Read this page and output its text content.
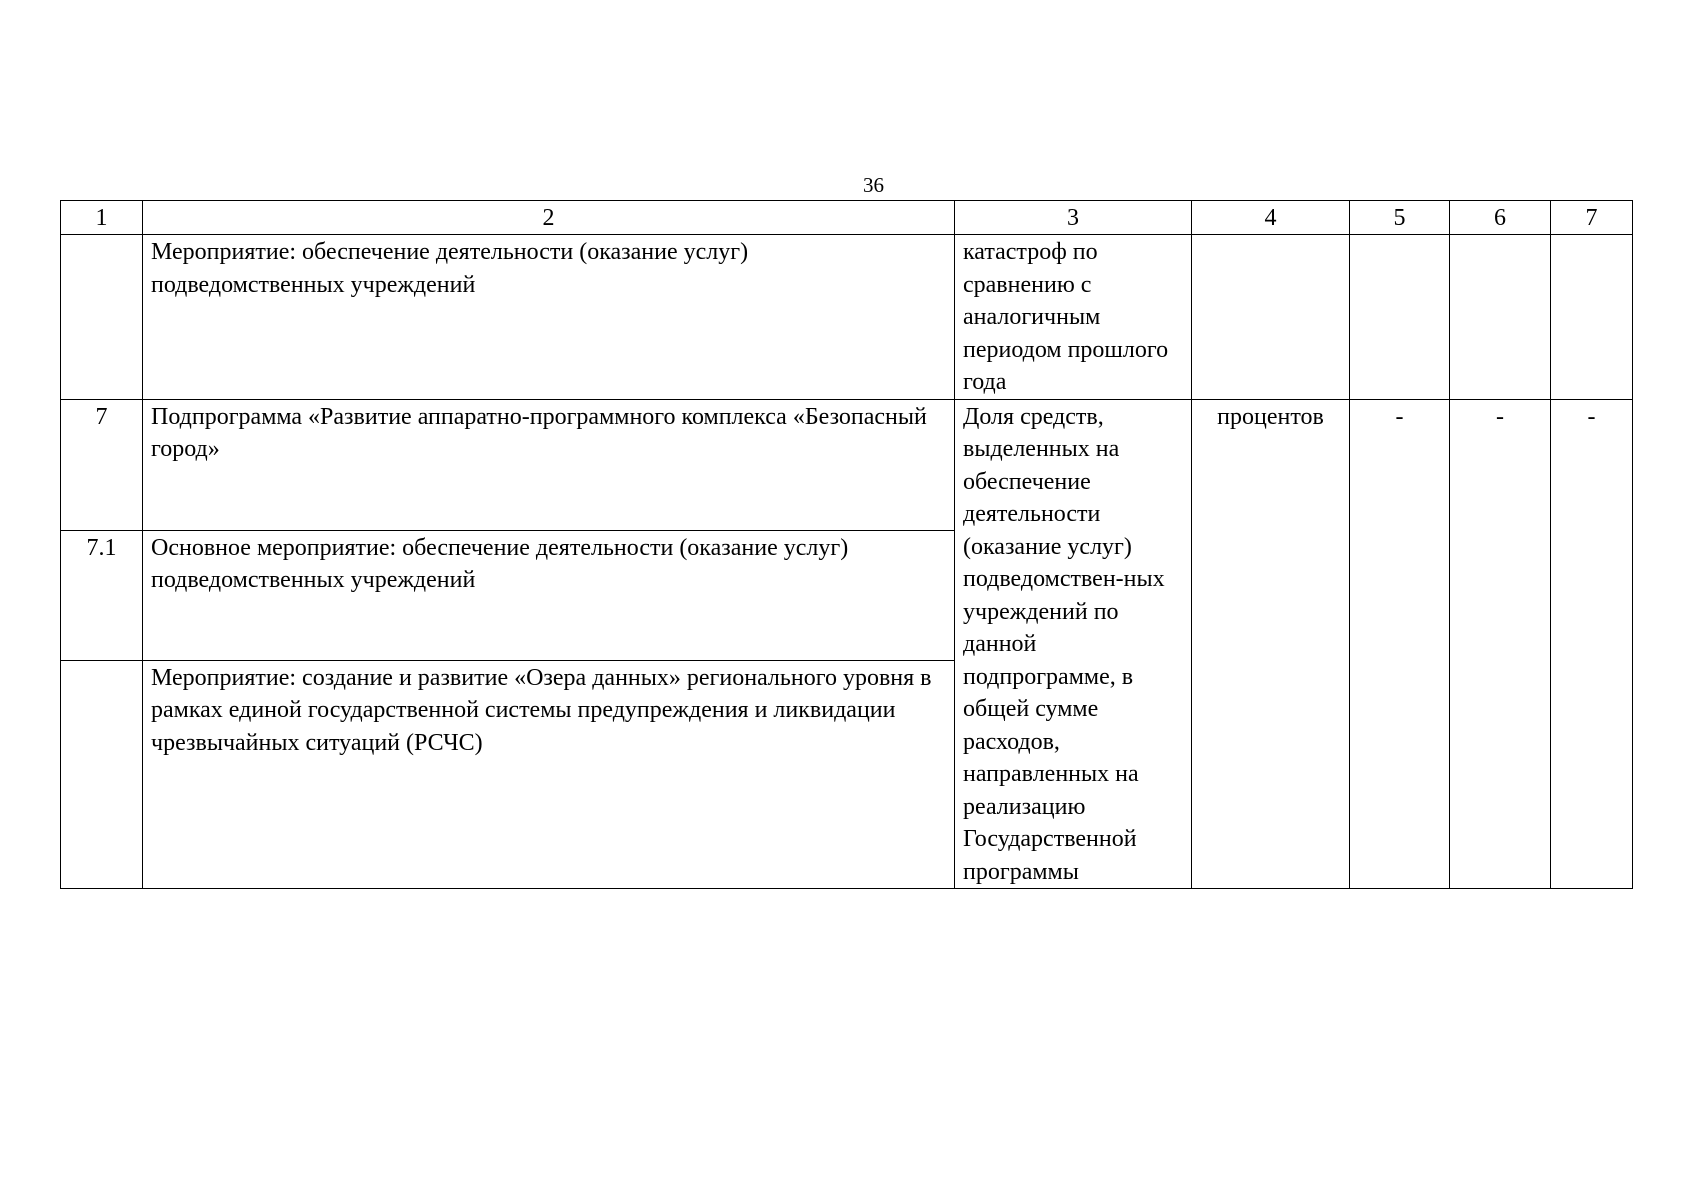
36
1	2	3	4	5	6	7
	Мероприятие: обеспечение деятельности (оказание услуг) подведомственных учреждений	катастроф по сравнению с аналогичным периодом прошлого года				
7	Подпрограмма «Развитие аппаратно-программного комплекса «Безопасный город»	Доля средств, выделенных на обеспечение деятельности (оказание услуг) подведомствен-ных учреждений по данной подпрограмме, в общей сумме расходов, направленных на реализацию Государственной программы	процентов	-	-	-
7.1	Основное мероприятие: обеспечение деятельности (оказание услуг) подведомственных учреждений					
	Мероприятие: создание и развитие «Озера данных» регионального уровня в рамках единой государственной системы предупреждения и ликвидации чрезвычайных ситуаций (РСЧС)					
